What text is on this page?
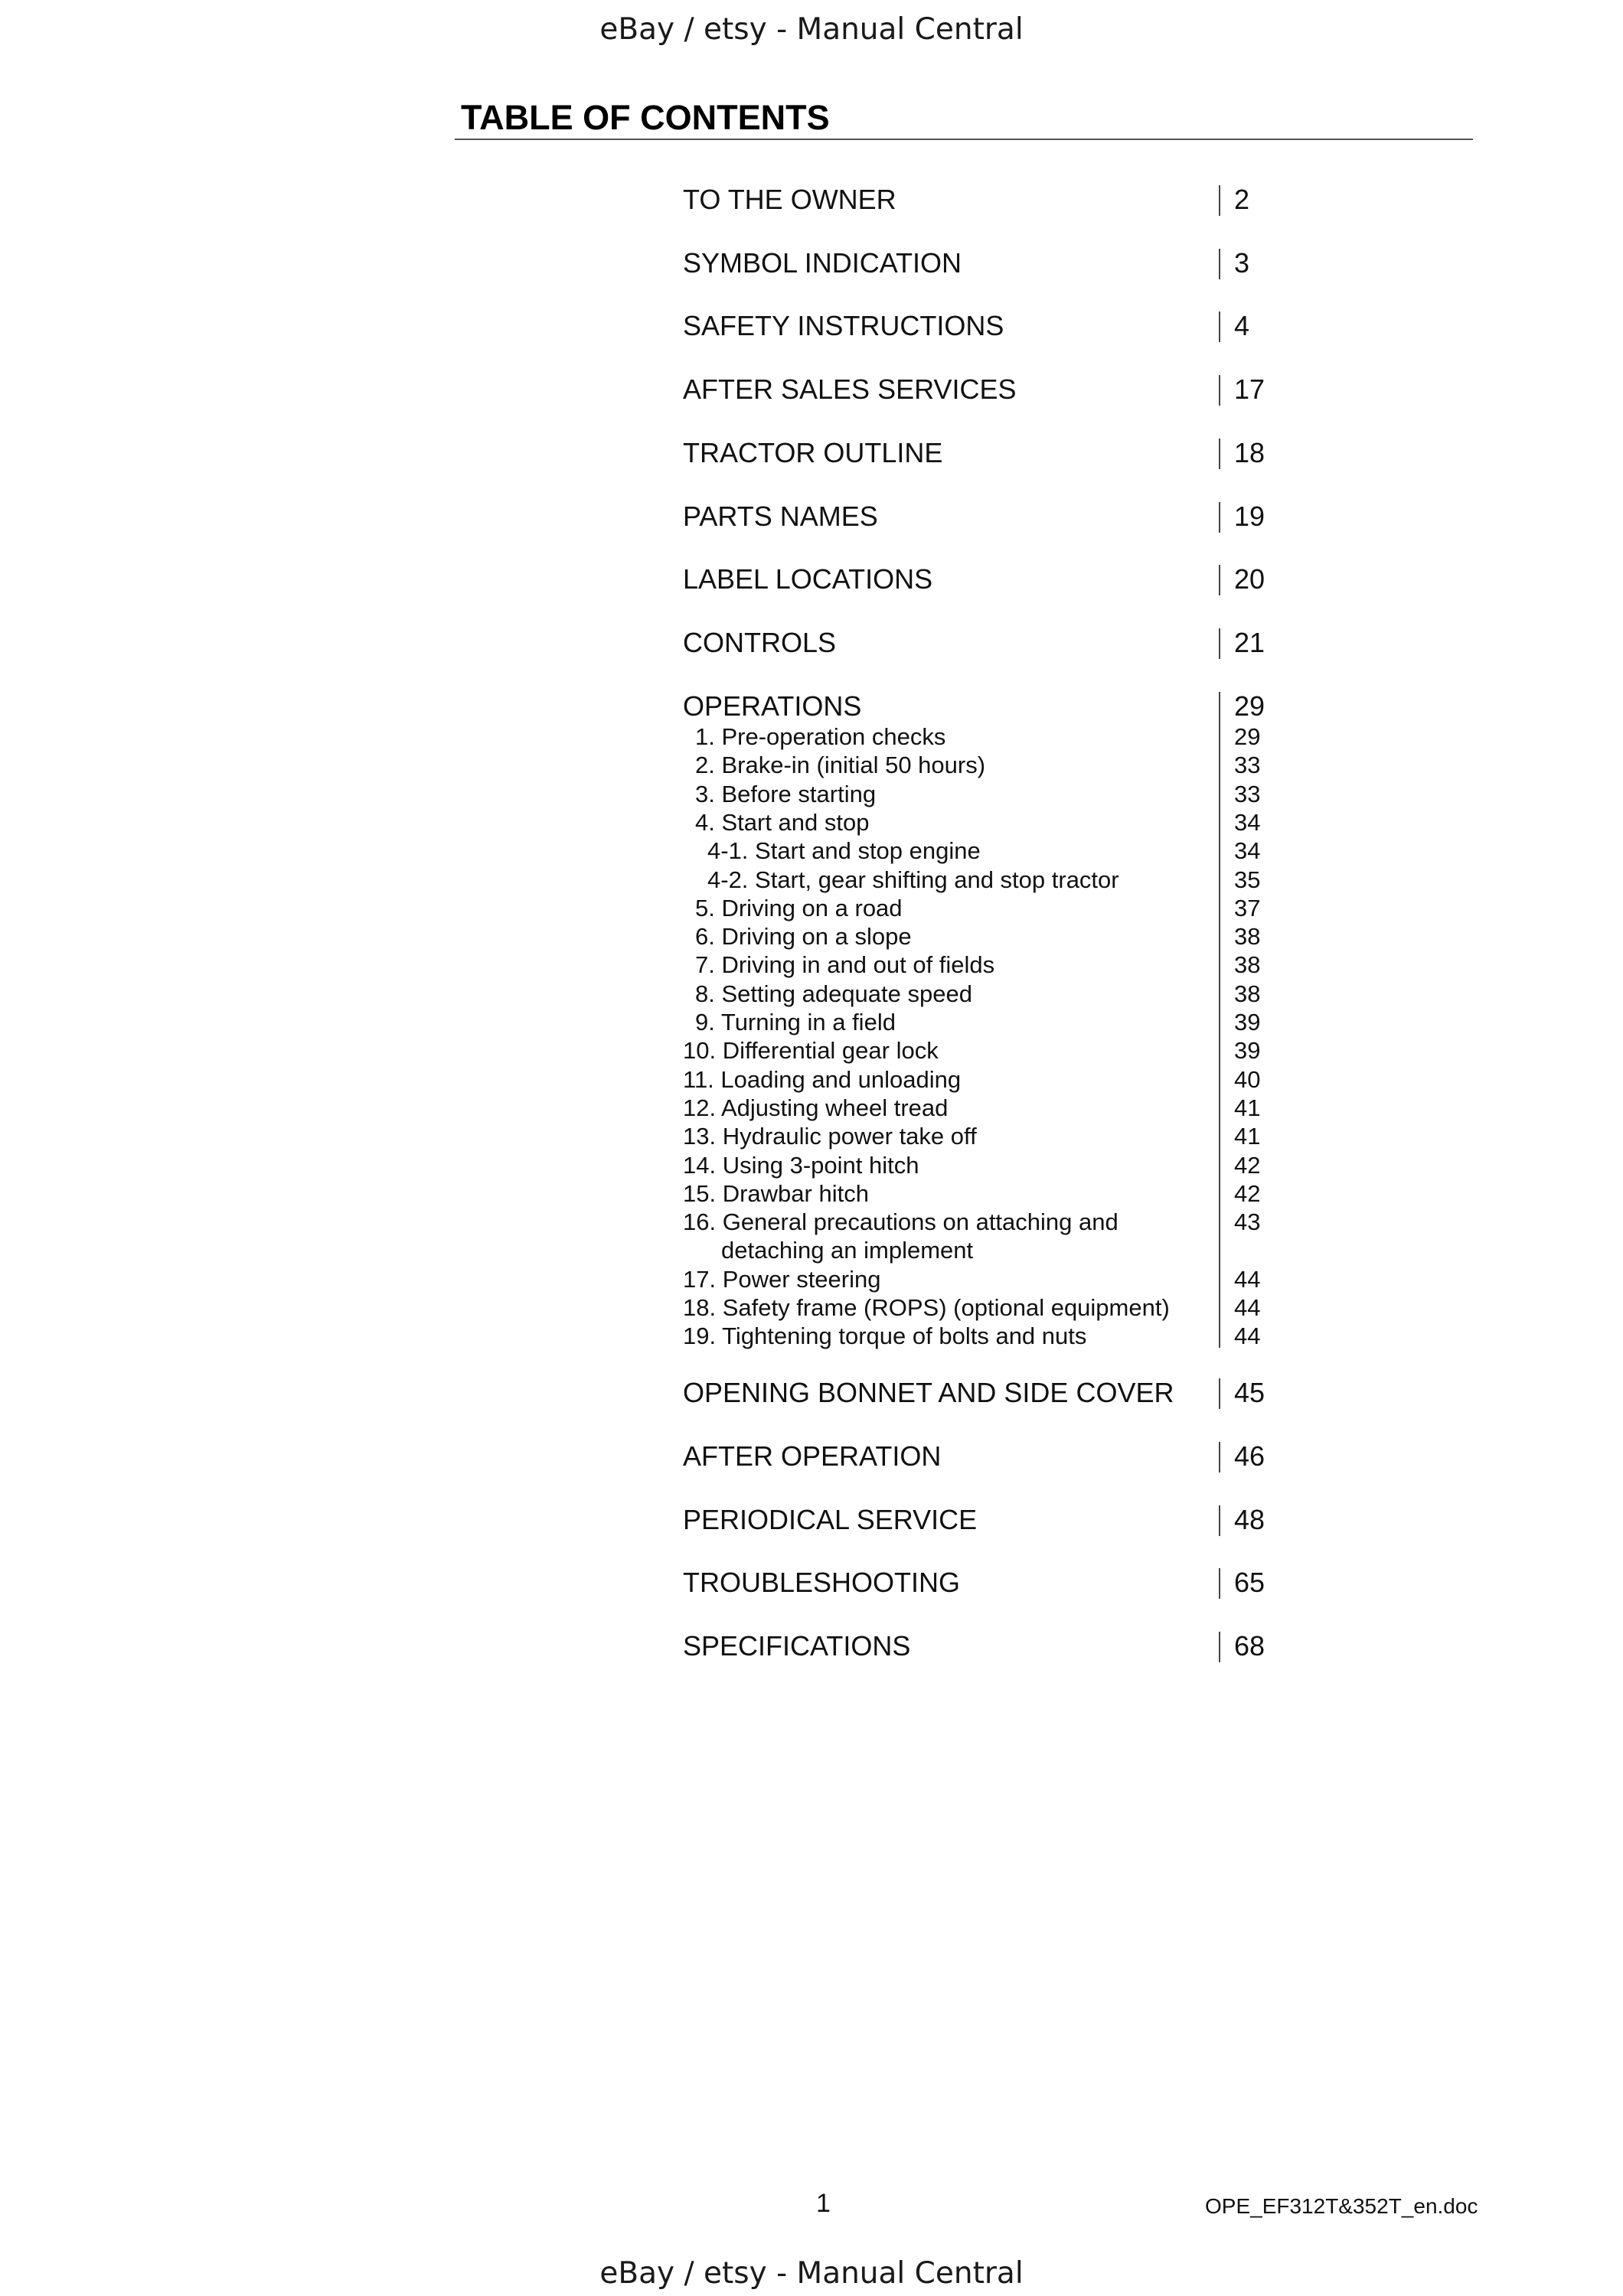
eBay / etsy - Manual Central
TABLE OF CONTENTS
TO THE OWNER	2
SYMBOL INDICATION	3
SAFETY INSTRUCTIONS	4
AFTER SALES SERVICES	17
TRACTOR OUTLINE	18
PARTS NAMES	19
LABEL LOCATIONS	20
CONTROLS	21
OPERATIONS	29
1. Pre-operation checks	29
2. Brake-in (initial 50 hours)	33
3. Before starting	33
4. Start and stop	34
4-1. Start and stop engine	34
4-2. Start, gear shifting and stop tractor	35
5. Driving on a road	37
6. Driving on a slope	38
7. Driving in and out of fields	38
8. Setting adequate speed	38
9. Turning in a field	39
10. Differential gear lock	39
11. Loading and unloading	40
12. Adjusting wheel tread	41
13. Hydraulic power take off	41
14. Using 3-point hitch	42
15. Drawbar hitch	42
16. General precautions on attaching and	43
detaching an implement
17. Power steering	44
18. Safety frame (ROPS) (optional equipment)	44
19. Tightening torque of bolts and nuts	44
OPENING BONNET AND SIDE COVER 45
AFTER OPERATION	46
PERIODICAL SERVICE	48
TROUBLESHOOTING	65
SPECIFICATIONS	68
1	OPE_EF312T&352T_en.doc
eBay / etsy - Manual Central
